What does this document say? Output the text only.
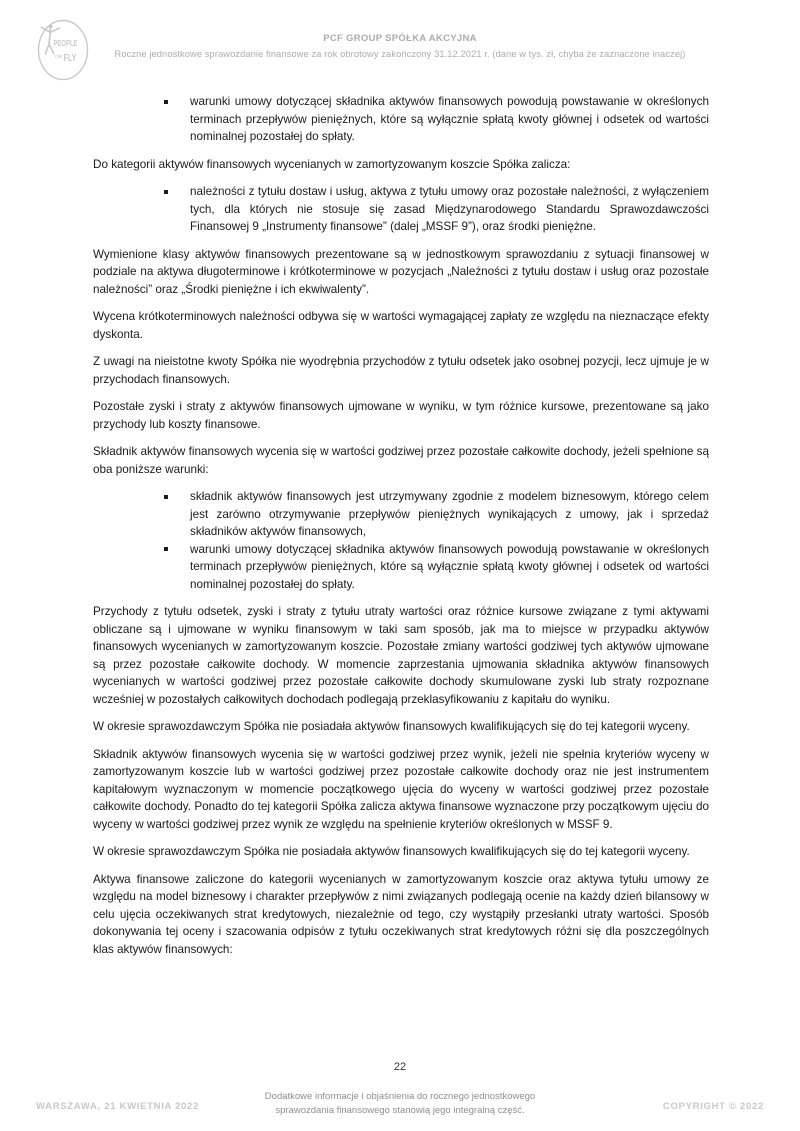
PEOPLE
CAN FLY

PCF GROUP SPÓŁKA AKCYJNA

Roczne jednostkowe sprawozdanie finansowe za rok obrotowy zakończony 31.12.2021 r. (dane w tys. zł, chyba że zaznaczone inaczej)

warunki umowy dotyczącej składnika aktywów finansowych powodują powstawanie w określonych terminach przepływów pieniężnych, które są wyłącznie spłatą kwoty głównej i odsetek od wartości nominalnej pozostałej do spłaty.

Do kategorii aktywów finansowych wycenianych w zamortyzowanym koszcie Spółka zalicza:

należności z tytułu dostaw i usług, aktywa z tytułu umowy oraz pozostałe należności, z wyłączeniem tych, dla których nie stosuje się zasad Międzynarodowego Standardu Sprawozdawczości Finansowej 9 „Instrumenty finansowe” (dalej „MSSF 9”), oraz środki pieniężne.

Wymienione klasy aktywów finansowych prezentowane są w jednostkowym sprawozdaniu z sytuacji finansowej w podziale na aktywa długoterminowe i krótkoterminowe w pozycjach „Należności z tytułu dostaw i usług oraz pozostałe należności” oraz „Środki pieniężne i ich ekwiwalenty”.

Wycena krótkoterminowych należności odbywa się w wartości wymagającej zapłaty ze względu na nieznaczące efekty dyskonta.

Z uwagi na nieistotne kwoty Spółka nie wyodrębnia przychodów z tytułu odsetek jako osobnej pozycji, lecz ujmuje je w przychodach finansowych.

Pozostałe zyski i straty z aktywów finansowych ujmowane w wyniku, w tym różnice kursowe, prezentowane są jako przychody lub koszty finansowe.

Składnik aktywów finansowych wycenia się w wartości godziwej przez pozostałe całkowite dochody, jeżeli spełnione są oba poniższe warunki:

składnik aktywów finansowych jest utrzymywany zgodnie z modelem biznesowym, którego celem jest zarówno otrzymywanie przepływów pieniężnych wynikających z umowy, jak i sprzedaż składników aktywów finansowych,
warunki umowy dotyczącej składnika aktywów finansowych powodują powstawanie w określonych terminach przepływów pieniężnych, które są wyłącznie spłatą kwoty głównej i odsetek od wartości nominalnej pozostałej do spłaty.

Przychody z tytułu odsetek, zyski i straty z tytułu utraty wartości oraz różnice kursowe związane z tymi aktywami obliczane są i ujmowane w wyniku finansowym w taki sam sposób, jak ma to miejsce w przypadku aktywów finansowych wycenianych w zamortyzowanym koszcie. Pozostałe zmiany wartości godziwej tych aktywów ujmowane są przez pozostałe całkowite dochody. W momencie zaprzestania ujmowania składnika aktywów finansowych wycenianych w wartości godziwej przez pozostałe całkowite dochody skumulowane zyski lub straty rozpoznane wcześniej w pozostałych całkowitych dochodach podlegają przeklasyfikowaniu z kapitału do wyniku.

W okresie sprawozdawczym Spółka nie posiadała aktywów finansowych kwalifikujących się do tej kategorii wyceny.

Składnik aktywów finansowych wycenia się w wartości godziwej przez wynik, jeżeli nie spełnia kryteriów wyceny w zamortyzowanym koszcie lub w wartości godziwej przez pozostałe całkowite dochody oraz nie jest instrumentem kapitałowym wyznaczonym w momencie początkowego ujęcia do wyceny w wartości godziwej przez pozostałe całkowite dochody. Ponadto do tej kategorii Spółka zalicza aktywa finansowe wyznaczone przy początkowym ujęciu do wyceny w wartości godziwej przez wynik ze względu na spełnienie kryteriów określonych w MSSF 9.

W okresie sprawozdawczym Spółka nie posiadała aktywów finansowych kwalifikujących się do tej kategorii wyceny.

Aktywa finansowe zaliczone do kategorii wycenianych w zamortyzowanym koszcie oraz aktywa tytułu umowy ze względu na model biznesowy i charakter przepływów z nimi związanych podlegają ocenie na każdy dzień bilansowy w celu ujęcia oczekiwanych strat kredytowych, niezależnie od tego, czy wystąpiły przesłanki utraty wartości. Sposób dokonywania tej oceny i szacowania odpisów z tytułu oczekiwanych strat kredytowych różni się dla poszczególnych klas aktywów finansowych:

22
Dodatkowe informacje i objaśnienia do rocznego jednostkowego
sprawozdania finansowego stanowią jego integralną część.
WARSZAWA, 21 KWIETNIA 2022	COPYRIGHT © 2022
